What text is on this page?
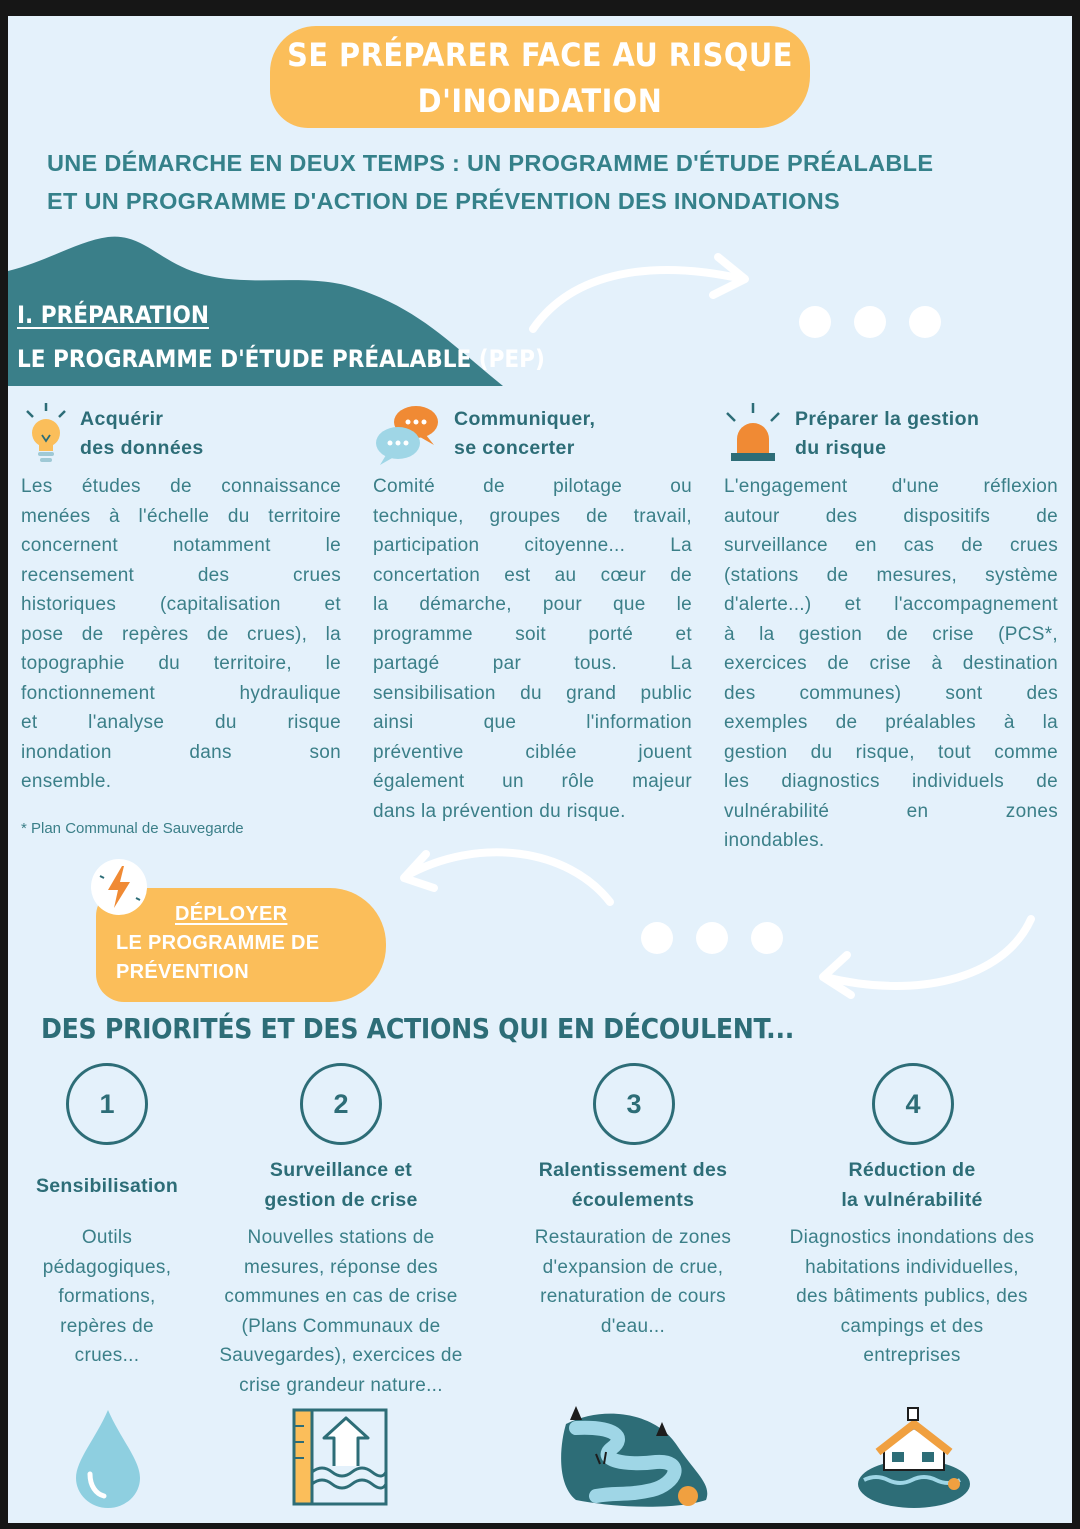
SE PRÉPARER FACE AU RISQUE
D'INONDATION
UNE DÉMARCHE EN DEUX TEMPS : UN PROGRAMME D'ÉTUDE PRÉALABLE
ET UN PROGRAMME D'ACTION DE PRÉVENTION DES INONDATIONS
I. PRÉPARATION
LE PROGRAMME D'ÉTUDE PRÉALABLE (PEP)
Acquérir
des données
Les études de connaissance
menées à l'échelle du territoire
concernent notamment le
recensement des crues
historiques (capitalisation et
pose de repères de crues), la
topographie du territoire, le
fonctionnement hydraulique
et l'analyse du risque
inondation dans son
ensemble.
* Plan Communal de Sauvegarde
Communiquer,
se concerter
Comité de pilotage ou
technique, groupes de travail,
participation citoyenne... La
concertation est au cœur de
la démarche, pour que le
programme soit porté et
partagé par tous. La
sensibilisation du grand public
ainsi que l'information
préventive ciblée jouent
également un rôle majeur
dans la prévention du risque.
Préparer la gestion
du risque
L'engagement d'une réflexion
autour des dispositifs de
surveillance en cas de crues
(stations de mesures, système
d'alerte...) et l'accompagnement
à la gestion de crise (PCS*,
exercices de crise à destination
des communes) sont des
exemples de préalables à la
gestion du risque, tout comme
les diagnostics individuels de
vulnérabilité en zones
inondables.
DÉPLOYER
LE PROGRAMME DE
PRÉVENTION
DES PRIORITÉS ET DES ACTIONS QUI EN DÉCOULENT...
1
Sensibilisation
Outils
pédagogiques,
formations,
repères de
crues...
2
Surveillance et
gestion de crise
Nouvelles stations de
mesures, réponse des
communes en cas de crise
(Plans Communaux de
Sauvegardes), exercices de
crise grandeur nature...
3
Ralentissement des
écoulements
Restauration de zones
d'expansion de crue,
renaturation de cours
d'eau...
4
Réduction de
la vulnérabilité
Diagnostics inondations des
habitations individuelles,
des bâtiments publics, des
campings et des
entreprises
